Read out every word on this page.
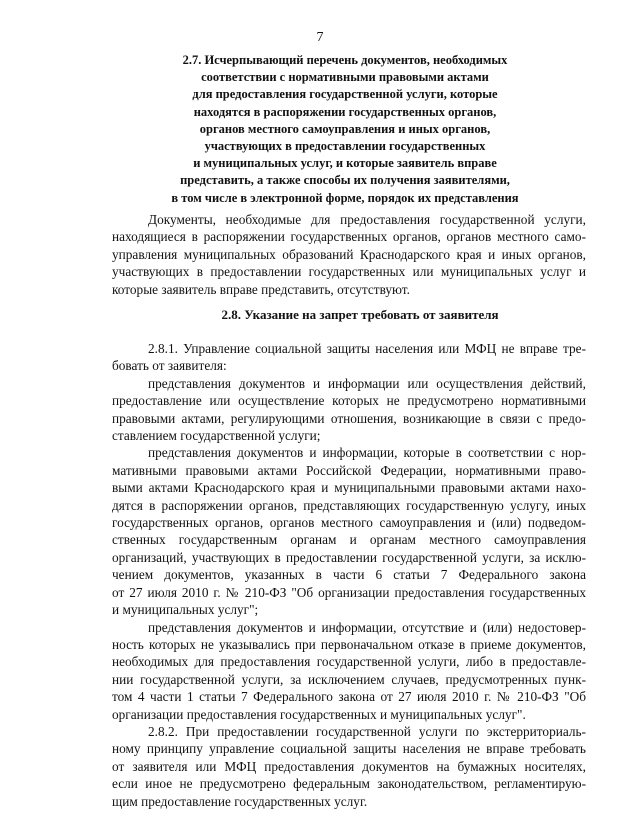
7
2.7. Исчерпывающий перечень документов, необходимых
соответствии с нормативными правовыми актами
для предоставления государственной услуги, которые
находятся в распоряжении государственных органов,
органов местного самоуправления и иных органов,
участвующих в предоставлении государственных
и муниципальных услуг, и которые заявитель вправе
представить, а также способы их получения заявителями,
в том числе в электронной форме, порядок их представления

Документы, необходимые для предоставления государственной услуги,
находящиеся в распоряжении государственных органов, органов местного само-
управления муниципальных образований Краснодарского края и иных органов,
участвующих в предоставлении государственных или муниципальных услуг и
которые заявитель вправе представить, отсутствуют.

2.8. Указание на запрет требовать от заявителя
2.8.1. Управление социальной защиты населения или МФЦ не вправе тре-
бовать от заявителя:
представления документов и информации или осуществления действий,
предоставление или осуществление которых не предусмотрено нормативными
правовыми актами, регулирующими отношения, возникающие в связи с предо-
ставлением государственной услуги;
представления документов и информации, которые в соответствии с нор-
мативными правовыми актами Российской Федерации, нормативными право-
выми актами Краснодарского края и муниципальными правовыми актами нахо-
дятся в распоряжении органов, представляющих государственную услугу, иных
государственных органов, органов местного самоуправления и (или) подведом-
ственных государственным органам и органам местного самоуправления
организаций, участвующих в предоставлении государственной услуги, за исклю-
чением документов, указанных в части 6 статьи 7 Федерального закона
от 27 июля 2010 г. № 210-ФЗ "Об организации предоставления государственных
и муниципальных услуг";
представления документов и информации, отсутствие и (или) недостовер-
ность которых не указывались при первоначальном отказе в приеме документов,
необходимых для предоставления государственной услуги, либо в предоставле-
нии государственной услуги, за исключением случаев, предусмотренных пунк-
том 4 части 1 статьи 7 Федерального закона от 27 июля 2010 г. № 210-ФЗ "Об
организации предоставления государственных и муниципальных услуг".
2.8.2. При предоставлении государственной услуги по экстерриториаль-
ному принципу управление социальной защиты населения не вправе требовать
от заявителя или МФЦ предоставления документов на бумажных носителях,
если иное не предусмотрено федеральным законодательством, регламентирую-
щим предоставление государственных услуг.
